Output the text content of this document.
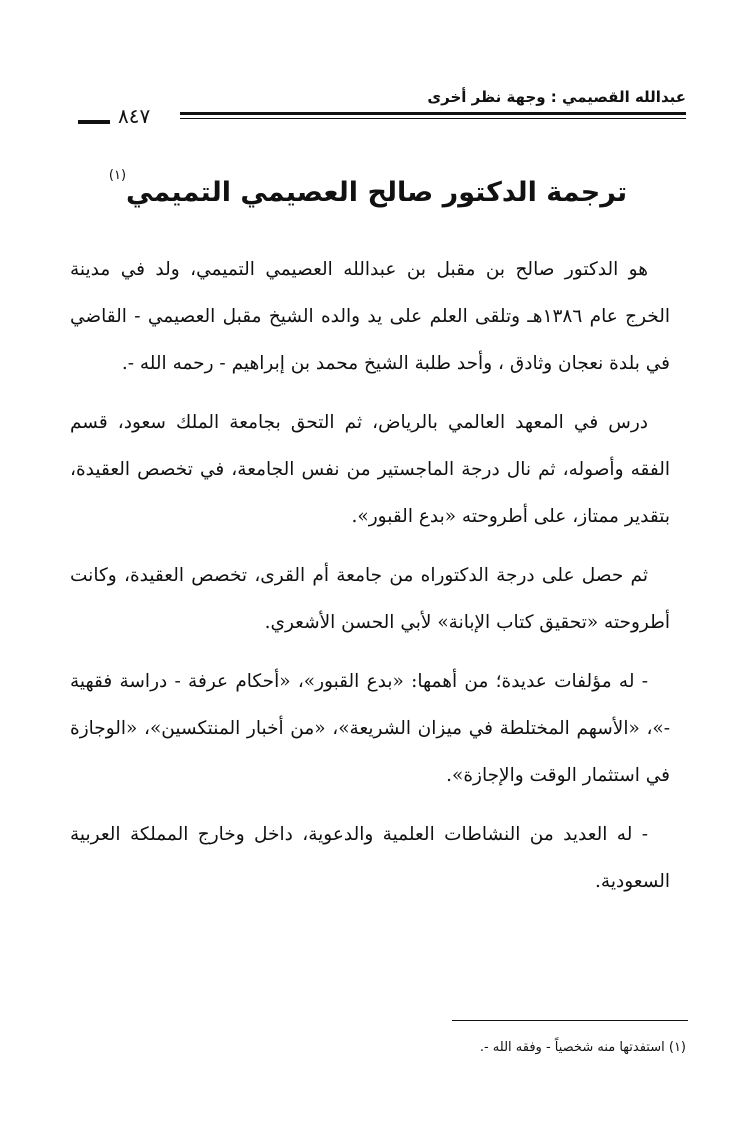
عبدالله القصيمي : وجهة نظر أخرى
٨٤٧
ترجمة الدكتور صالح العصيمي التميمي$^{(١)}$

هو الدكتور صالح بن مقبل بن عبدالله العصيمي التميمي، ولد في مدينة الخرج عام ١٣٨٦هـ وتلقى العلم على يد والده الشيخ مقبل العصيمي - القاضي في بلدة نعجان وثادق ، وأحد طلبة الشيخ محمد بن إبراهيم - رحمه الله -.

درس في المعهد العالمي بالرياض، ثم التحق بجامعة الملك سعود، قسم الفقه وأصوله، ثم نال درجة الماجستير من نفس الجامعة، في تخصص العقيدة، بتقدير ممتاز، على أطروحته «بدع القبور».

ثم حصل على درجة الدكتوراه من جامعة أم القرى، تخصص العقيدة، وكانت أطروحته «تحقيق كتاب الإبانة» لأبي الحسن الأشعري.

- له مؤلفات عديدة؛ من أهمها: «بدع القبور»، «أحكام عرفة - دراسة فقهية -»، «الأسهم المختلطة في ميزان الشريعة»، «من أخبار المنتكسين»، «الوجازة في استثمار الوقت والإجازة».

- له العديد من النشاطات العلمية والدعوية، داخل وخارج المملكة العربية السعودية.

(١) استفدتها منه شخصياً - وفقه الله -.
